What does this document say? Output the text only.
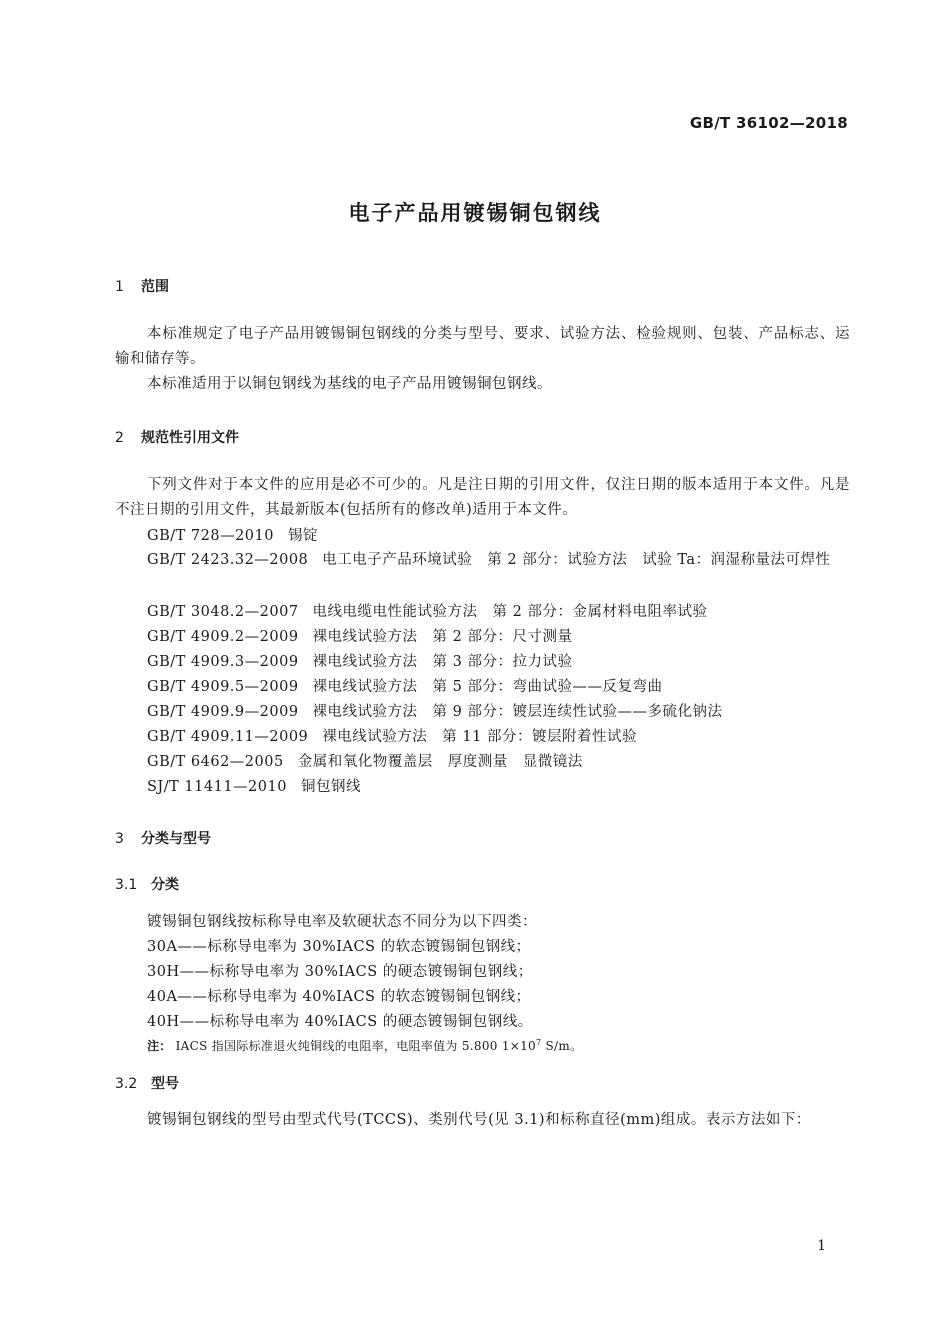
GB/T 36102—2018
电子产品用镀锡铜包钢线
1 范围
本标准规定了电子产品用镀锡铜包钢线的分类与型号、要求、试验方法、检验规则、包装、产品标志、运输和储存等。
本标准适用于以铜包钢线为基线的电子产品用镀锡铜包钢线。
2 规范性引用文件
下列文件对于本文件的应用是必不可少的。凡是注日期的引用文件，仅注日期的版本适用于本文件。凡是不注日期的引用文件，其最新版本(包括所有的修改单)适用于本文件。
GB/T 728—2010 锡锭
GB/T 2423.32—2008 电工电子产品环境试验　第 2 部分：试验方法　试验 Ta：润湿称量法可焊性
GB/T 3048.2—2007 电线电缆电性能试验方法　第 2 部分：金属材料电阻率试验
GB/T 4909.2—2009 裸电线试验方法　第 2 部分：尺寸测量
GB/T 4909.3—2009 裸电线试验方法　第 3 部分：拉力试验
GB/T 4909.5—2009 裸电线试验方法　第 5 部分：弯曲试验——反复弯曲
GB/T 4909.9—2009 裸电线试验方法　第 9 部分：镀层连续性试验——多硫化钠法
GB/T 4909.11—2009 裸电线试验方法　第 11 部分：镀层附着性试验
GB/T 6462—2005 金属和氧化物覆盖层　厚度测量　显微镜法
SJ/T 11411—2010 铜包钢线
3 分类与型号
3.1 分类
镀锡铜包钢线按标称导电率及软硬状态不同分为以下四类：
30A——标称导电率为 30%IACS 的软态镀锡铜包钢线；
30H——标称导电率为 30%IACS 的硬态镀锡铜包钢线；
40A——标称导电率为 40%IACS 的软态镀锡铜包钢线；
40H——标称导电率为 40%IACS 的硬态镀锡铜包钢线。
注： IACS 指国际标准退火纯铜线的电阻率，电阻率值为 5.800 $1\times 10^7$ S/m。
3.2 型号
镀锡铜包钢线的型号由型式代号(TCCS)、类别代号(见 3.1)和标称直径(mm)组成。表示方法如下：
1
